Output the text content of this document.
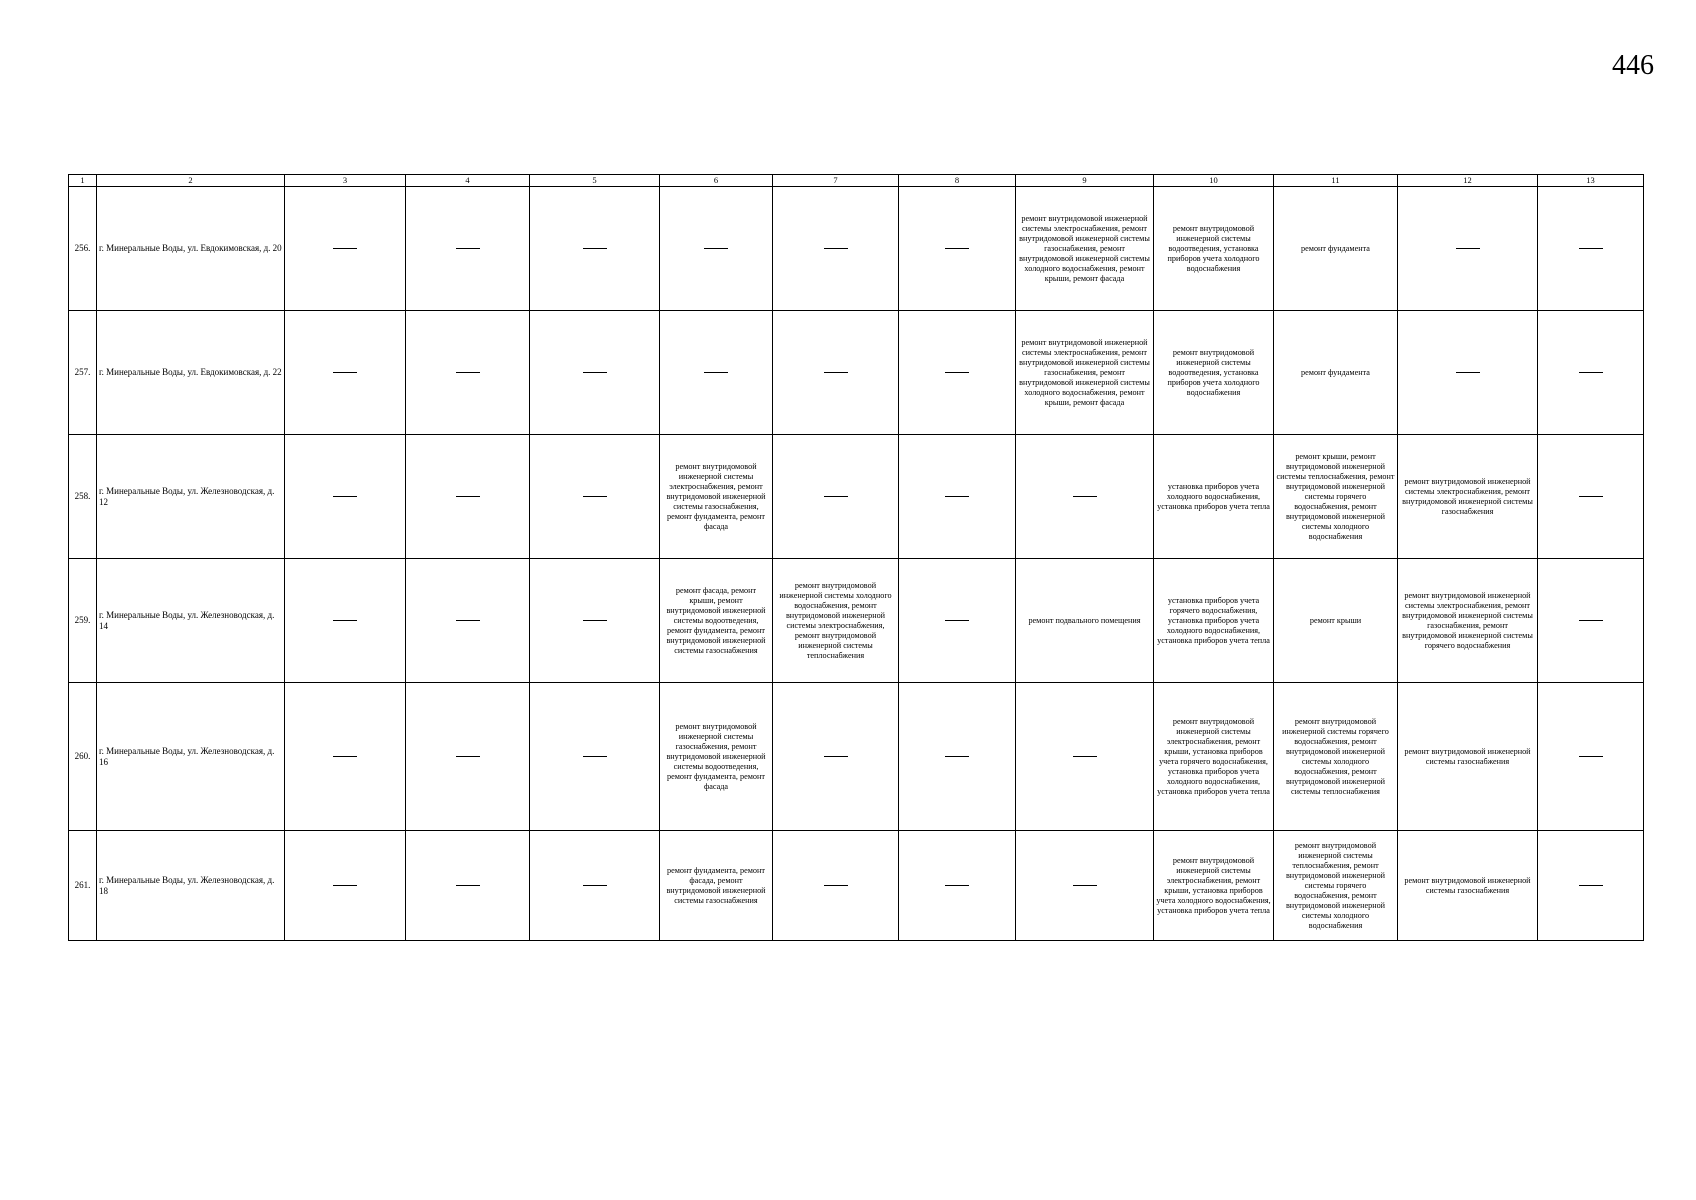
446
1	2	3	4	5	6	7	8	9	10	11	12	13
256.	г. Минеральные Воды, ул. Евдокимовская, д. 20							ремонт внутридомовой инженерной системы электроснабжения, ремонт внутридомовой инженерной системы газоснабжения, ремонт внутридомовой инженерной системы холодного водоснабжения, ремонт крыши, ремонт фасада	ремонт внутридомовой инженерной системы водоотведения, установка приборов учета холодного водоснабжения	ремонт фундамента		
257.	г. Минеральные Воды, ул. Евдокимовская, д. 22							ремонт внутридомовой инженерной системы электроснабжения, ремонт внутридомовой инженерной системы газоснабжения, ремонт внутридомовой инженерной системы холодного водоснабжения, ремонт крыши, ремонт фасада	ремонт внутридомовой инженерной системы водоотведения, установка приборов учета холодного водоснабжения	ремонт фундамента		
258.	г. Минеральные Воды, ул. Железноводская, д. 12				ремонт внутридомовой инженерной системы электроснабжения, ремонт внутридомовой инженерной системы газоснабжения, ремонт фундамента, ремонт фасада				установка приборов учета холодного водоснабжения, установка приборов учета тепла	ремонт крыши, ремонт внутридомовой инженерной системы теплоснабжения, ремонт внутридомовой инженерной системы горячего водоснабжения, ремонт внутридомовой инженерной системы холодного водоснабжения	ремонт внутридомовой инженерной системы электроснабжения, ремонт внутридомовой инженерной системы газоснабжения	
259.	г. Минеральные Воды, ул. Железноводская, д. 14				ремонт фасада, ремонт крыши, ремонт внутридомовой инженерной системы водоотведения, ремонт фундамента, ремонт внутридомовой инженерной системы газоснабжения	ремонт внутридомовой инженерной системы холодного водоснабжения, ремонт внутридомовой инженерной системы электроснабжения, ремонт внутридомовой инженерной системы теплоснабжения		ремонт подвального помещения	установка приборов учета горячего водоснабжения, установка приборов учета холодного водоснабжения, установка приборов учета тепла	ремонт крыши	ремонт внутридомовой инженерной системы электроснабжения, ремонт внутридомовой инженерной системы газоснабжения, ремонт внутридомовой инженерной системы горячего водоснабжения	
260.	г. Минеральные Воды, ул. Железноводская, д. 16				ремонт внутридомовой инженерной системы газоснабжения, ремонт внутридомовой инженерной системы водоотведения, ремонт фундамента, ремонт фасада				ремонт внутридомовой инженерной системы электроснабжения, ремонт крыши, установка приборов учета горячего водоснабжения, установка приборов учета холодного водоснабжения, установка приборов учета тепла	ремонт внутридомовой инженерной системы горячего водоснабжения, ремонт внутридомовой инженерной системы холодного водоснабжения, ремонт внутридомовой инженерной системы теплоснабжения	ремонт внутридомовой инженерной системы газоснабжения	
261.	г. Минеральные Воды, ул. Железноводская, д. 18				ремонт фундамента, ремонт фасада, ремонт внутридомовой инженерной системы газоснабжения				ремонт внутридомовой инженерной системы электроснабжения, ремонт крыши, установка приборов учета холодного водоснабжения, установка приборов учета тепла	ремонт внутридомовой инженерной системы теплоснабжения, ремонт внутридомовой инженерной системы горячего водоснабжения, ремонт внутридомовой инженерной системы холодного водоснабжения	ремонт внутридомовой инженерной системы газоснабжения	
